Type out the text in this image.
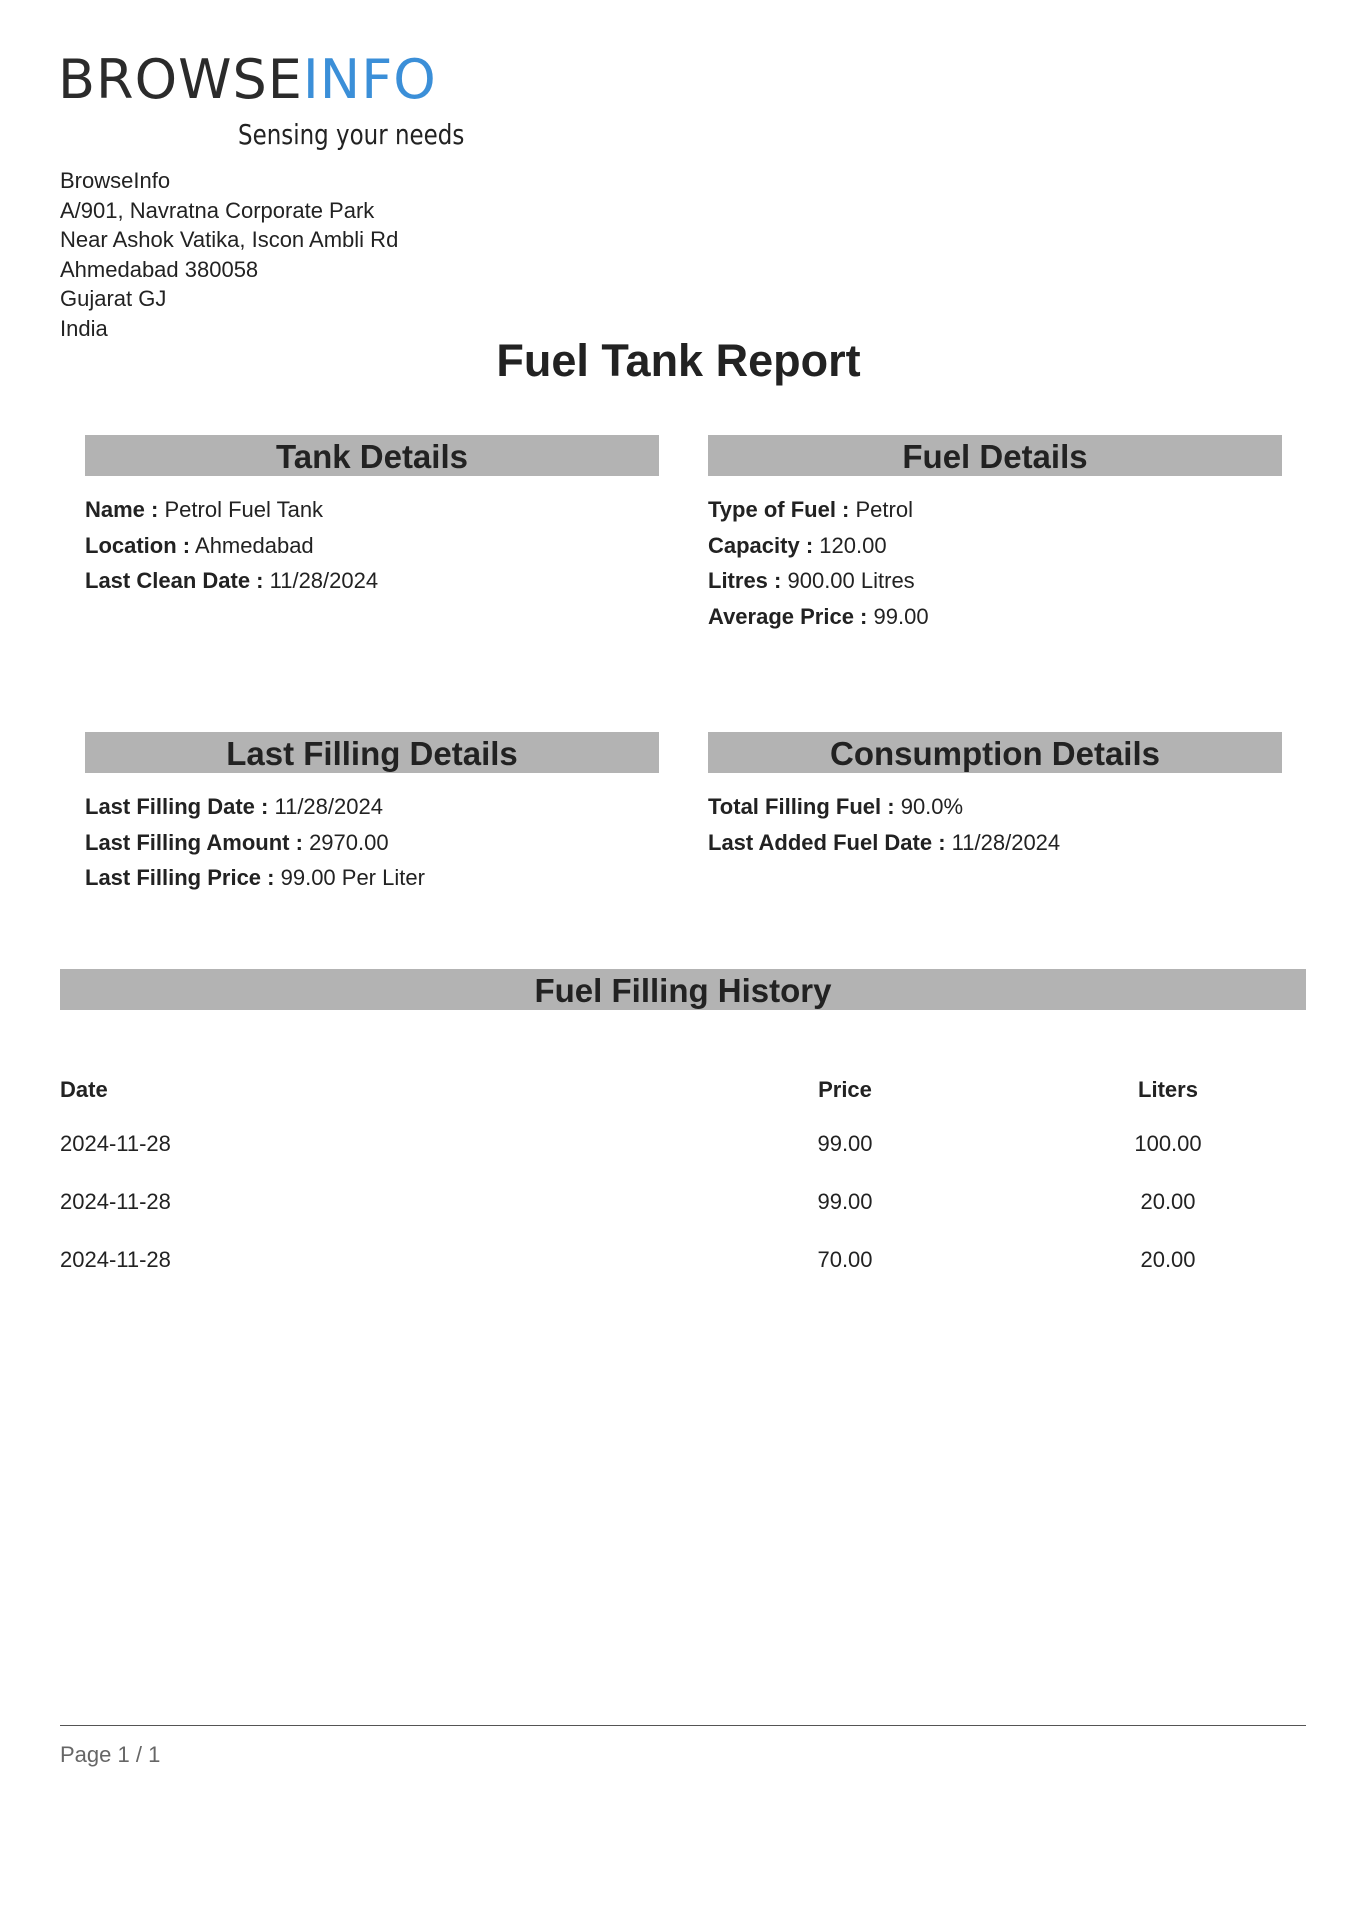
BROWSEINFO
Sensing your needs
BrowseInfo
A/901, Navratna Corporate Park
Near Ashok Vatika, Iscon Ambli Rd
Ahmedabad 380058
Gujarat GJ
India
Fuel Tank Report
Tank Details
Name : Petrol Fuel Tank
Location : Ahmedabad
Last Clean Date : 11/28/2024
Fuel Details
Type of Fuel : Petrol
Capacity : 120.00
Litres : 900.00 Litres
Average Price : 99.00
Last Filling Details
Last Filling Date : 11/28/2024
Last Filling Amount : 2970.00
Last Filling Price : 99.00 Per Liter
Consumption Details
Total Filling Fuel : 90.0%
Last Added Fuel Date : 11/28/2024
Fuel Filling History
Date	Price	Liters
2024-11-28	99.00	100.00
2024-11-28	99.00	20.00
2024-11-28	70.00	20.00
Page 1 / 1
